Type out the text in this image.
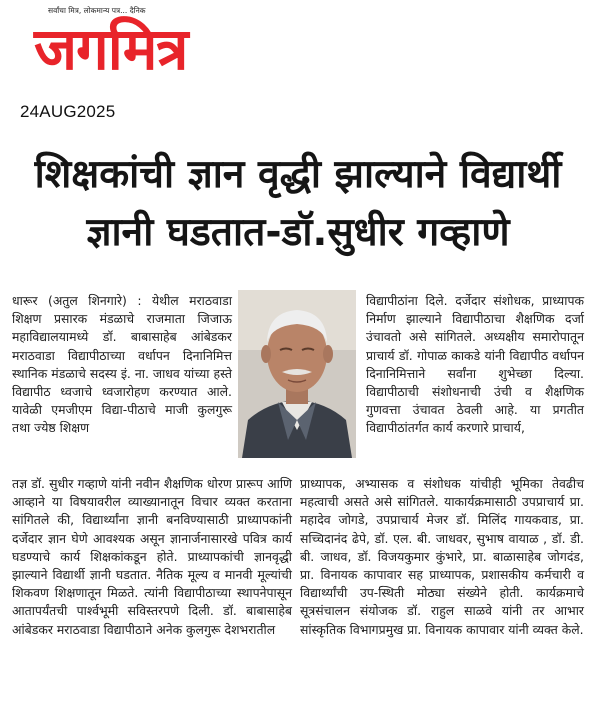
सर्वांचा मित्र, लोकमान्य पत्र... दैनिक
जगमित्र
24AUG2025
शिक्षकांची ज्ञान वृद्धी झाल्याने विद्यार्थी
ज्ञानी घडतात-डॉ.सुधीर गव्हाणे

धारूर (अतुल शिनगारे) : येथील मराठवाडा शिक्षण प्रसारक मंडळाचे राजमाता जिजाऊ महाविद्यालयामध्ये डॉ. बाबासाहेब आंबेडकर मराठवाडा विद्यापीठाच्या वर्धापन दिनानिमित्त स्थानिक मंडळाचे सदस्य इं. ना. जाधव यांच्या हस्ते विद्यापीठ ध्वजाचे ध्वजारोहण करण्यात आले. यावेळी एमजीएम विद्या-पीठाचे माजी कुलगुरू तथा ज्येष्ठ शिक्षण

विद्यापीठांना दिले. दर्जेदार संशोधक, प्राध्यापक निर्माण झाल्याने विद्यापीठाचा शैक्षणिक दर्जा उंचावतो असे सांगितले. अध्यक्षीय समारोपातून प्राचार्य डॉ. गोपाळ काकडे यांनी विद्यापीठ वर्धापन दिनानिमित्ताने सर्वांना शुभेच्छा दिल्या. विद्यापीठाची संशोधनाची उंची व शैक्षणिक गुणवत्ता उंचावत ठेवली आहे. या प्रगतीत विद्यापीठांतर्गत कार्य करणारे प्राचार्य,

तज्ञ डॉ. सुधीर गव्हाणे यांनी नवीन शैक्षणिक धोरण प्रारूप आणि आव्हाने या विषयावरील व्याख्यानातून विचार व्यक्त करताना सांगितले की, विद्यार्थ्यांना ज्ञानी बनविण्यासाठी प्राध्यापकांनी दर्जेदार ज्ञान घेणे आवश्यक असून ज्ञानार्जनासारखे पवित्र कार्य घडण्याचे कार्य शिक्षकांकडून होते. प्राध्यापकांची ज्ञानवृद्धी झाल्याने विद्यार्थी ज्ञानी घडतात. नैतिक मूल्य व मानवी मूल्यांची शिकवण शिक्षणातून मिळते. त्यांनी विद्यापीठाच्या स्थापनेपासून आतापर्यंतची पार्श्वभूमी सविस्तरपणे दिली. डॉ. बाबासाहेब आंबेडकर मराठवाडा विद्यापीठाने अनेक कुलगुरू देशभरातील

प्राध्यापक, अभ्यासक व संशोधक यांचीही भूमिका तेवढीच महत्वाची असते असे सांगितले. याकार्यक्रमासाठी उपप्राचार्य प्रा. महादेव जोगडे, उपप्राचार्य मेजर डॉ. मिलिंद गायकवाड, प्रा. सच्चिदानंद ढेपे, डॉ. एल. बी. जाधवर, सुभाष वायाळ , डॉ. डी. बी. जाधव, डॉ. विजयकुमार कुंभारे, प्रा. बाळासाहेब जोगदंड, प्रा. विनायक कापावार सह प्राध्यापक, प्रशासकीय कर्मचारी व विद्यार्थ्यांची उप-स्थिती मोठ्या संख्येने होती. कार्यक्रमाचे सूत्रसंचालन संयोजक डॉ. राहुल साळवे यांनी तर आभार सांस्कृतिक विभागप्रमुख प्रा. विनायक कापावार यांनी व्यक्त केले.
